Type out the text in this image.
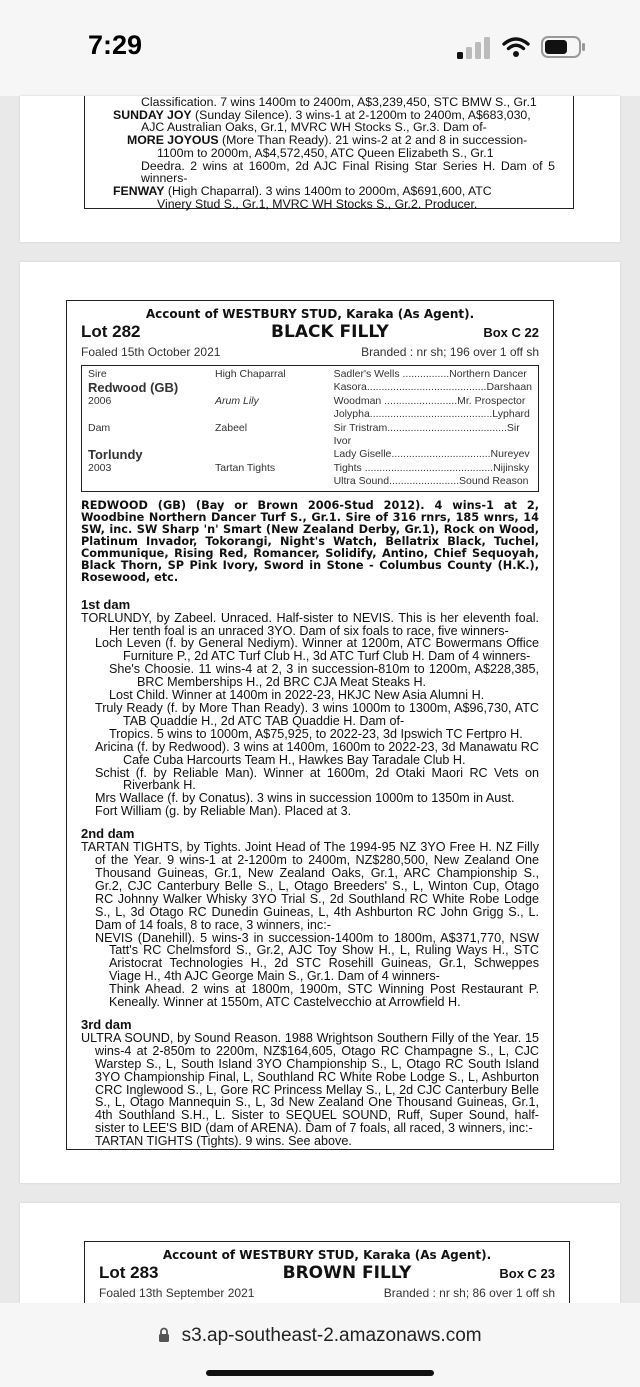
7:29
Classification. 7 wins 1400m to 2400m, A$3,239,450, STC BMW S., Gr.1
SUNDAY JOY (Sunday Silence). 3 wins-1 at 2-1200m to 2400m, A$683,030,
AJC Australian Oaks, Gr.1, MVRC WH Stocks S., Gr.3. Dam of-
MORE JOYOUS (More Than Ready). 21 wins-2 at 2 and 8 in succession-
1100m to 2000m, A$4,572,450, ATC Queen Elizabeth S., Gr.1
Deedra. 2 wins at 1600m, 2d AJC Final Rising Star Series H. Dam of 5 winners-
FENWAY (High Chaparral). 3 wins 1400m to 2000m, A$691,600, ATC
Vinery Stud S., Gr.1, MVRC WH Stocks S., Gr.2. Producer.
Account of WESTBURY STUD, Karaka (As Agent).
Lot 282	BLACK FILLY	Box C 22
Foaled 15th October 2021	Branded : nr sh; 196 over 1 off sh
Sire	High Chaparral	Sadler's Wells ................Northern Dancer
Redwood (GB)		Kasora.........................................Darshaan
2006	Arum Lily	Woodman .........................Mr. Prospector
		Jolypha..........................................Lyphard
Dam	Zabeel	Sir Tristram.........................................Sir Ivor
Torlundy		Lady Giselle..................................Nureyev
2003	Tartan Tights	Tights ............................................Nijinsky
		Ultra Sound........................Sound Reason
REDWOOD (GB) (Bay or Brown 2006-Stud 2012). 4 wins-1 at 2, Woodbine Northern Dancer Turf S., Gr.1. Sire of 316 rnrs, 185 wnrs, 14 SW, inc. SW Sharp 'n' Smart (New Zealand Derby, Gr.1), Rock on Wood, Platinum Invador, Tokorangi, Night's Watch, Bellatrix Black, Tuchel, Communique, Rising Red, Romancer, Solidify, Antino, Chief Sequoyah, Black Thorn, SP Pink Ivory, Sword in Stone - Columbus County (H.K.), Rosewood, etc.
1st dam
TORLUNDY, by Zabeel. Unraced. Half-sister to NEVIS. This is her eleventh foal. Her tenth foal is an unraced 3YO. Dam of six foals to race, five winners-
Loch Leven (f. by General Nediym). Winner at 1200m, ATC Bowermans Office Furniture P., 2d ATC Turf Club H., 3d ATC Turf Club H. Dam of 4 winners-
She's Choosie. 11 wins-4 at 2, 3 in succession-810m to 1200m, A$228,385, BRC Memberships H., 2d BRC CJA Meat Steaks H.
Lost Child. Winner at 1400m in 2022-23, HKJC New Asia Alumni H.
Truly Ready (f. by More Than Ready). 3 wins 1000m to 1300m, A$96,730, ATC TAB Quaddie H., 2d ATC TAB Quaddie H. Dam of-
Tropics. 5 wins to 1000m, A$75,925, to 2022-23, 3d Ipswich TC Fertpro H.
Aricina (f. by Redwood). 3 wins at 1400m, 1600m to 2022-23, 3d Manawatu RC Cafe Cuba Harcourts Team H., Hawkes Bay Taradale Club H.
Schist (f. by Reliable Man). Winner at 1600m, 2d Otaki Maori RC Vets on Riverbank H.
Mrs Wallace (f. by Conatus). 3 wins in succession 1000m to 1350m in Aust.
Fort William (g. by Reliable Man). Placed at 3.
2nd dam
TARTAN TIGHTS, by Tights. Joint Head of The 1994-95 NZ 3YO Free H. NZ Filly of the Year. 9 wins-1 at 2-1200m to 2400m, NZ$280,500, New Zealand One Thousand Guineas, Gr.1, New Zealand Oaks, Gr.1, ARC Championship S., Gr.2, CJC Canterbury Belle S., L, Otago Breeders' S., L, Winton Cup, Otago RC Johnny Walker Whisky 3YO Trial S., 2d Southland RC White Robe Lodge S., L, 3d Otago RC Dunedin Guineas, L, 4th Ashburton RC John Grigg S., L. Dam of 14 foals, 8 to race, 3 winners, inc:-
NEVIS (Danehill). 5 wins-3 in succession-1400m to 1800m, A$371,770, NSW Tatt's RC Chelmsford S., Gr.2, AJC Toy Show H., L, Ruling Ways H., STC Aristocrat Technologies H., 2d STC Rosehill Guineas, Gr.1, Schweppes Viage H., 4th AJC George Main S., Gr.1. Dam of 4 winners-
Think Ahead. 2 wins at 1800m, 1900m, STC Winning Post Restaurant P. Keneally. Winner at 1550m, ATC Castelvecchio at Arrowfield H.
3rd dam
ULTRA SOUND, by Sound Reason. 1988 Wrightson Southern Filly of the Year. 15 wins-4 at 2-850m to 2200m, NZ$164,605, Otago RC Champagne S., L, CJC Warstep S., L, South Island 3YO Championship S., L, Otago RC South Island 3YO Championship Final, L, Southland RC White Robe Lodge S., L, Ashburton CRC Inglewood S., L, Gore RC Princess Mellay S., L, 2d CJC Canterbury Belle S., L, Otago Mannequin S., L, 3d New Zealand One Thousand Guineas, Gr.1, 4th Southland S.H., L. Sister to SEQUEL SOUND, Ruff, Super Sound, half-sister to LEE'S BID (dam of ARENA). Dam of 7 foals, all raced, 3 winners, inc:-
TARTAN TIGHTS (Tights). 9 wins. See above.
Account of WESTBURY STUD, Karaka (As Agent).
Lot 283	BROWN FILLY	Box C 23
Foaled 13th September 2021	Branded : nr sh; 86 over 1 off sh
s3.ap-southeast-2.amazonaws.com
